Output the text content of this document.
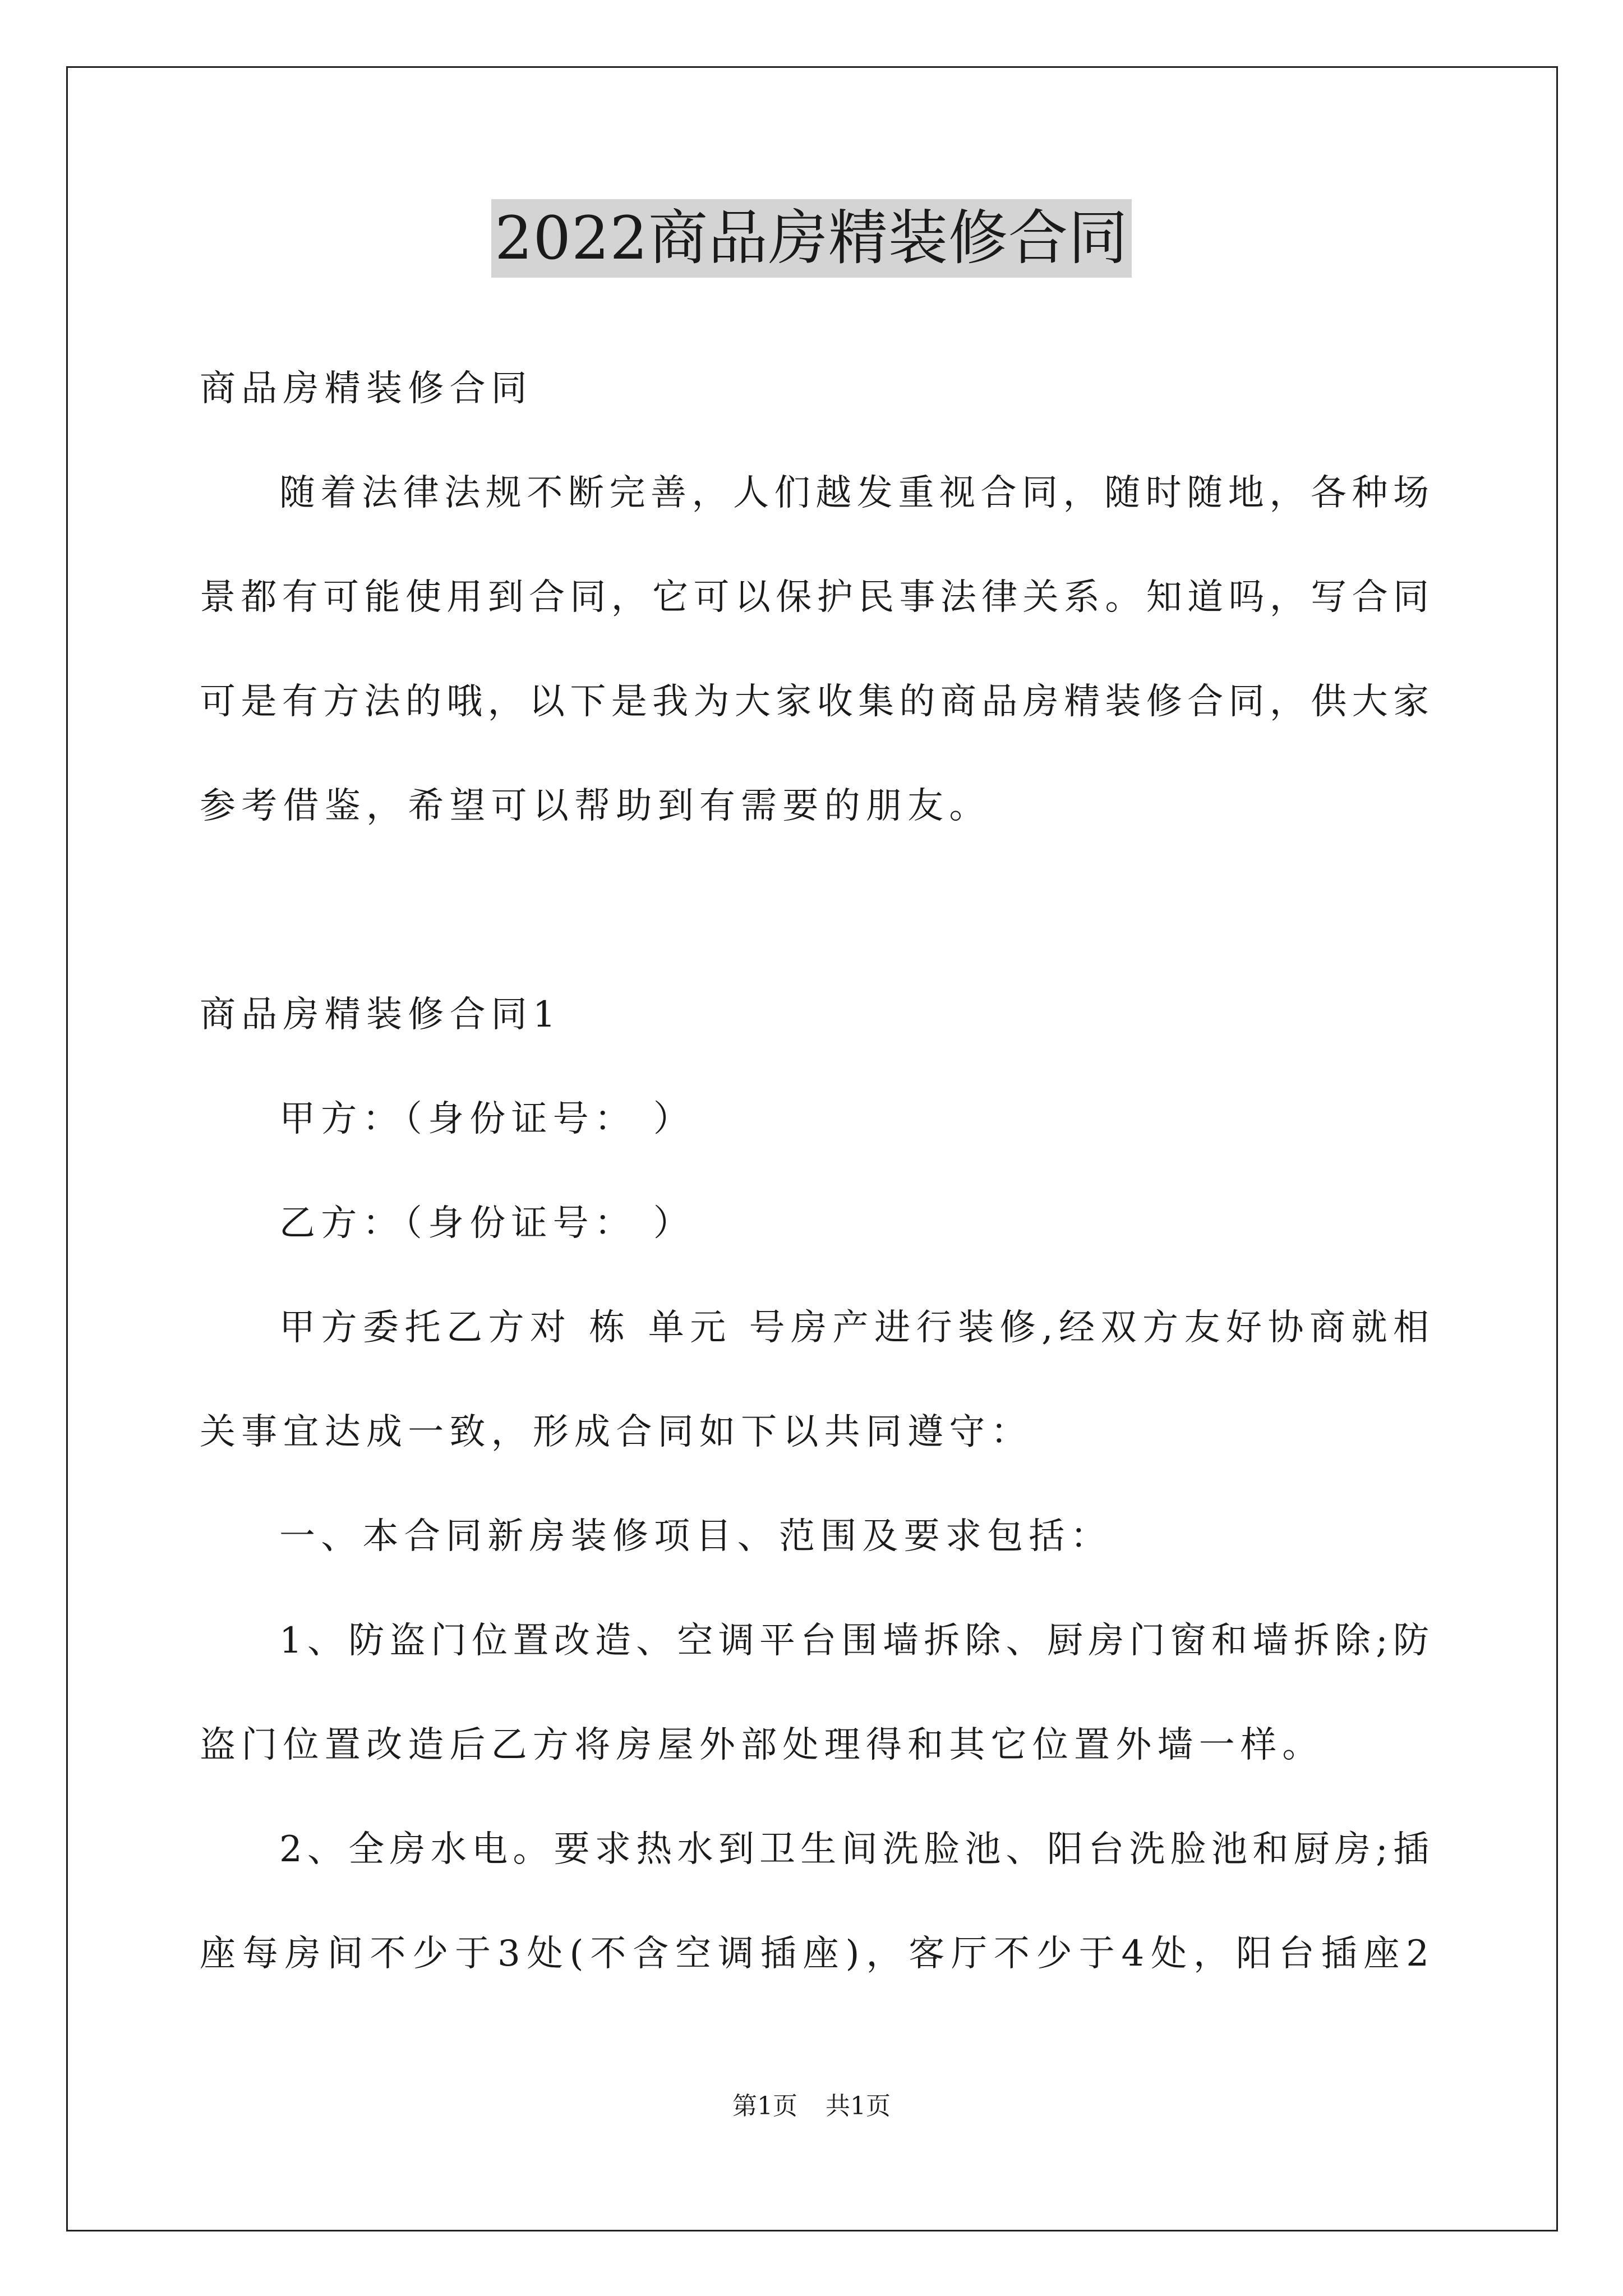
2022商品房精装修合同
商品房精装修合同
随着法律法规不断完善，人们越发重视合同，随时随地，各种场
景都有可能使用到合同，它可以保护民事法律关系。知道吗，写合同
可是有方法的哦，以下是我为大家收集的商品房精装修合同，供大家
参考借鉴，希望可以帮助到有需要的朋友。
商品房精装修合同1
甲方：（身份证号： ）
乙方：（身份证号： ）
甲方委托乙方对 栋 单元 号房产进行装修,经双方友好协商就相
关事宜达成一致，形成合同如下以共同遵守：
一、本合同新房装修项目、范围及要求包括：
1、防盗门位置改造、空调平台围墙拆除、厨房门窗和墙拆除;防
盗门位置改造后乙方将房屋外部处理得和其它位置外墙一样。
2、全房水电。要求热水到卫生间洗脸池、阳台洗脸池和厨房;插
座每房间不少于3处(不含空调插座)，客厅不少于4处，阳台插座2
第1页 共1页
